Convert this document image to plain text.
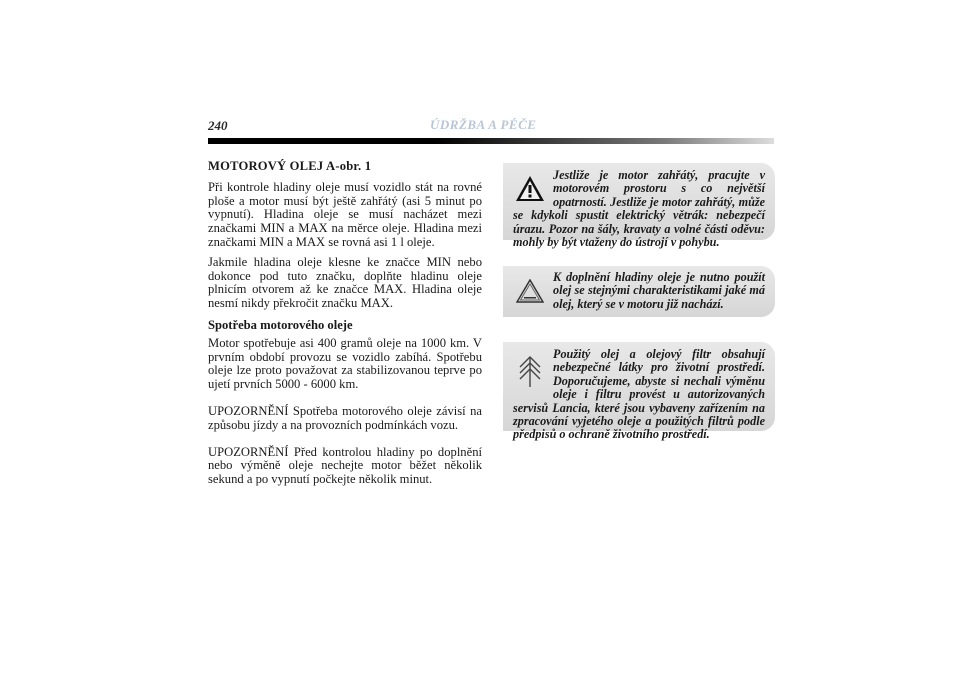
240	ÚDRŽBA A PÉČE
MOTOROVÝ OLEJ A-obr. 1

Při kontrole hladiny oleje musí vozidlo stát na rovné ploše a motor musí být ještě zahřátý (asi 5 minut po vypnutí). Hladina oleje se musí nacházet mezi značkami MIN a MAX na měrce oleje. Hladina mezi značkami MIN a MAX se rovná asi 1 l oleje.

Jakmile hladina oleje klesne ke značce MIN nebo dokonce pod tuto značku, doplňte hladinu oleje plnicím otvorem až ke značce MAX. Hladina oleje nesmí nikdy překročit značku MAX.

Spotřeba motorového oleje

Motor spotřebuje asi 400 gramů oleje na 1000 km. V prvním období provozu se vozidlo zabíhá. Spotřebu oleje lze proto považovat za stabilizovanou teprve po ujetí prvních 5000 - 6000 km.

UPOZORNĚNÍ Spotřeba motorového oleje závisí na způsobu jízdy a na provozních podmínkách vozu.

UPOZORNĚNÍ Před kontrolou hladiny po doplnění nebo výměně oleje nechejte motor běžet několik sekund a po vypnutí počkejte několik minut.

Jestliže je motor zahřátý, pracujte v motorovém prostoru s co největší opatrností. Jestliže je motor zahřátý, může se kdykoli spustit elektrický větrák: nebezpečí úrazu. Pozor na šály, kravaty a volné části oděvu: mohly by být vtaženy do ústrojí v pohybu.
K doplnění hladiny oleje je nutno použít olej se stejnými charakteristikami jaké má olej, který se v motoru již nachází.
Použitý olej a olejový filtr obsahují nebezpečné látky pro životní prostředí. Doporučujeme, abyste si nechali výměnu oleje i filtru provést u autorizovaných servisů Lancia, které jsou vybaveny zařízením na zpracování vyjetého oleje a použitých filtrů podle předpisů o ochraně životního prostředí.
